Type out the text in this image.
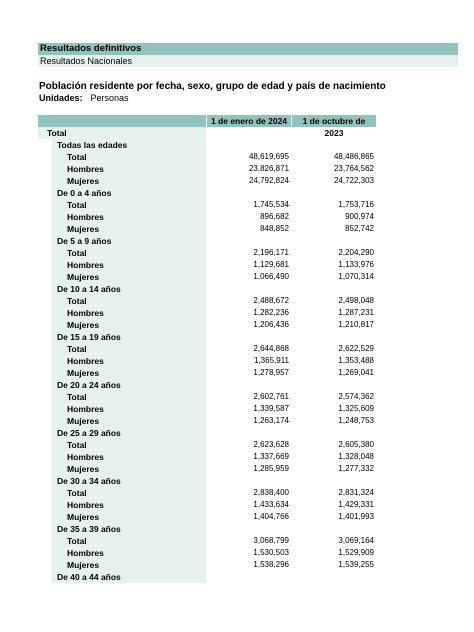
Resultados definitivos
Resultados Nacionales
Población residente por fecha, sexo, grupo de edad y país de nacimiento
Unidades: Personas
1 de enero de 2024	1 de octubre de 2023
Total
Todas las edades
Total	48,619,695	48,486,865
Hombres	23,826,871	23,764,562
Mujeres	24,792,824	24,722,303
De 0 a 4 años
Total	1,745,534	1,753,716
Hombres	896,682	900,974
Mujeres	848,852	852,742
De 5 a 9 años
Total	2,196,171	2,204,290
Hombres	1,129,681	1,133,976
Mujeres	1,066,490	1,070,314
De 10 a 14 años
Total	2,488,672	2,498,048
Hombres	1,282,236	1,287,231
Mujeres	1,206,436	1,210,817
De 15 a 19 años
Total	2,644,868	2,622,529
Hombres	1,365,911	1,353,488
Mujeres	1,278,957	1,269,041
De 20 a 24 años
Total	2,602,761	2,574,362
Hombres	1,339,587	1,325,609
Mujeres	1,263,174	1,248,753
De 25 a 29 años
Total	2,623,628	2,605,380
Hombres	1,337,669	1,328,048
Mujeres	1,285,959	1,277,332
De 30 a 34 años
Total	2,838,400	2,831,324
Hombres	1,433,634	1,429,331
Mujeres	1,404,766	1,401,993
De 35 a 39 años
Total	3,068,799	3,069,164
Hombres	1,530,503	1,529,909
Mujeres	1,538,296	1,539,255
De 40 a 44 años
